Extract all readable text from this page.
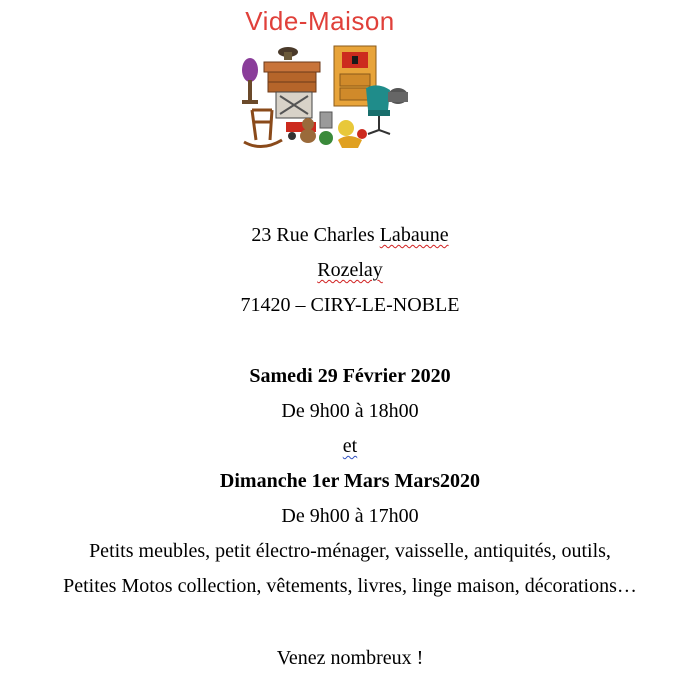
Vide-Maison
23 Rue Charles Labaune
Rozelay
71420 – CIRY-LE-NOBLE
Samedi 29 Février 2020
De 9h00 à 18h00
et
Dimanche 1er Mars Mars2020
De 9h00 à 17h00
Petits meubles, petit électro-ménager, vaisselle, antiquités, outils,
Petites Motos collection, vêtements, livres, linge maison, décorations…
Venez nombreux !
